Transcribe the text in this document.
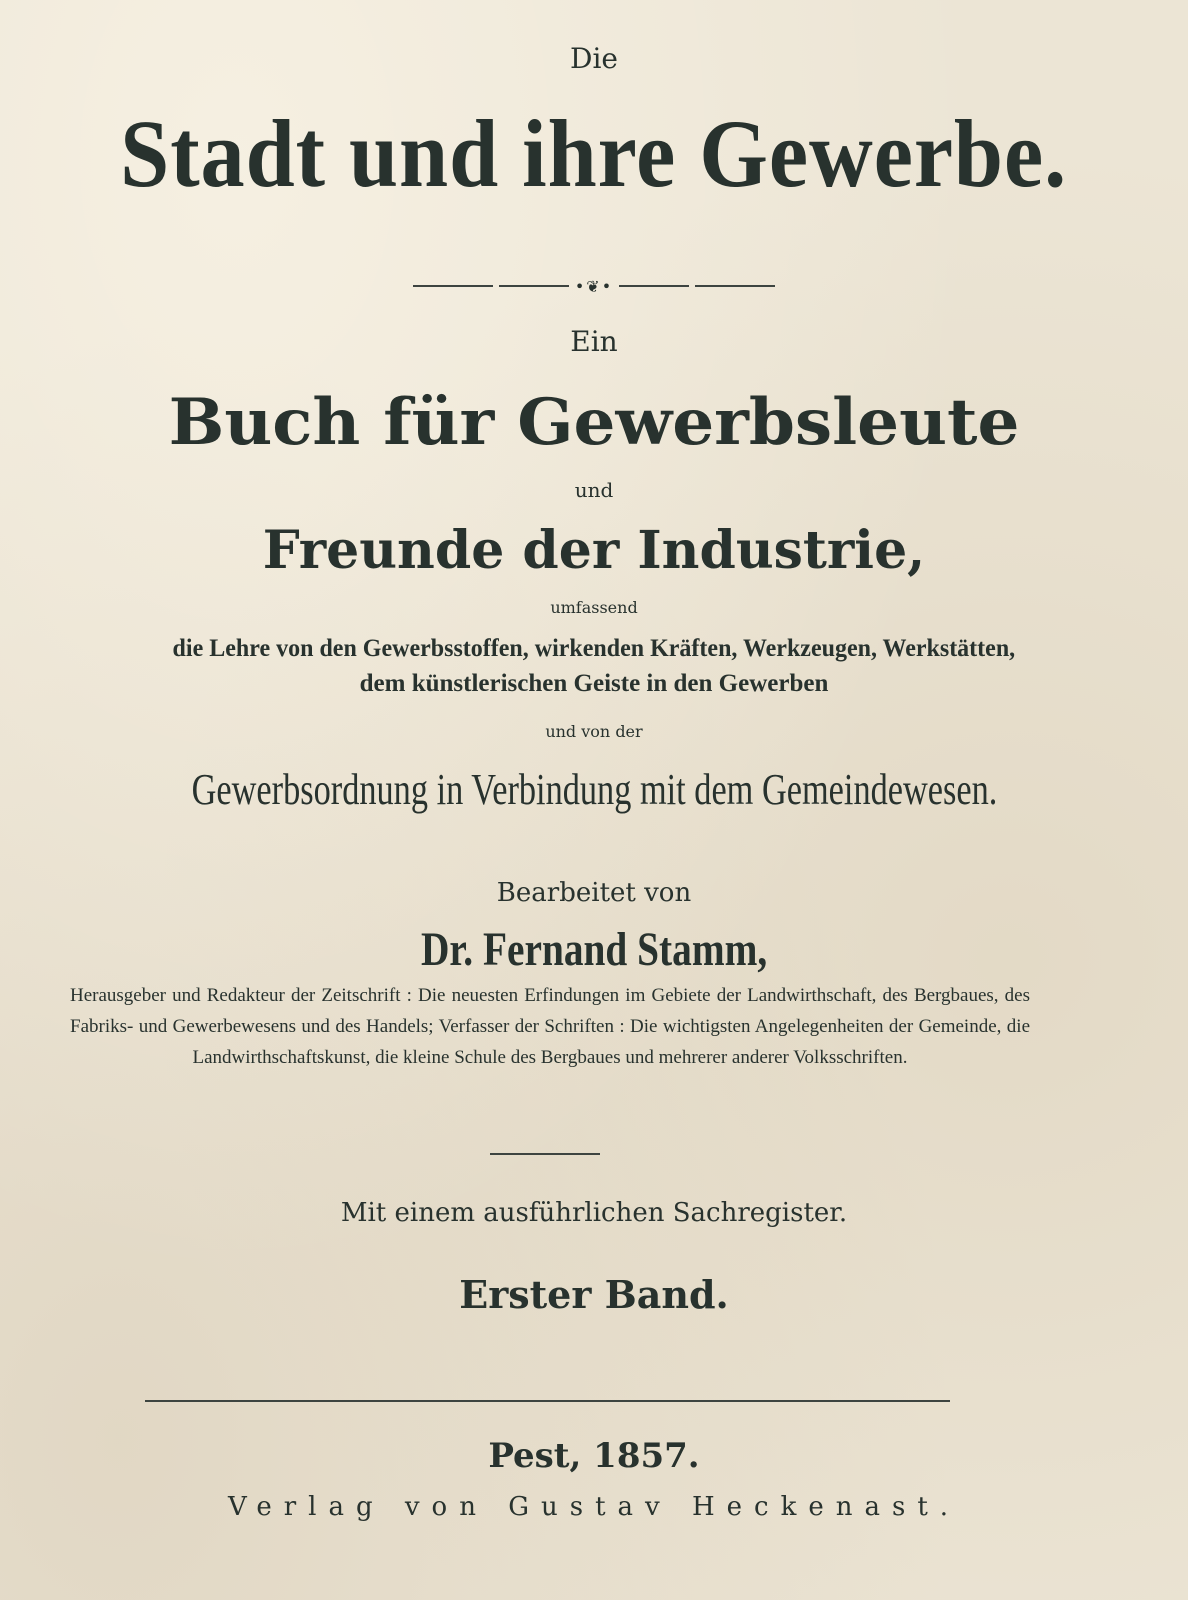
Die
Stadt und ihre Gewerbe.
•❦•
Ein
Buch für Gewerbsleute
und
Freunde der Industrie,
umfassend
die Lehre von den Gewerbsstoffen, wirkenden Kräften, Werkzeugen, Werkstätten,
dem künstlerischen Geiste in den Gewerben
und von der
Gewerbsordnung in Verbindung mit dem Gemeindewesen.
Bearbeitet von
Dr. Fernand Stamm,
Herausgeber und Redakteur der Zeitschrift : Die neuesten Erfindungen im Gebiete der Landwirthschaft, des Bergbaues, des Fabriks- und Gewerbewesens und des Handels; Verfasser der Schriften : Die wichtigsten Angelegenheiten der Gemeinde, die Landwirthschaftskunst, die kleine Schule des Bergbaues und mehrerer anderer Volksschriften.
Mit einem ausführlichen Sachregister.
Erster Band.
Pest, 1857.
Verlag von Gustav Heckenast.
